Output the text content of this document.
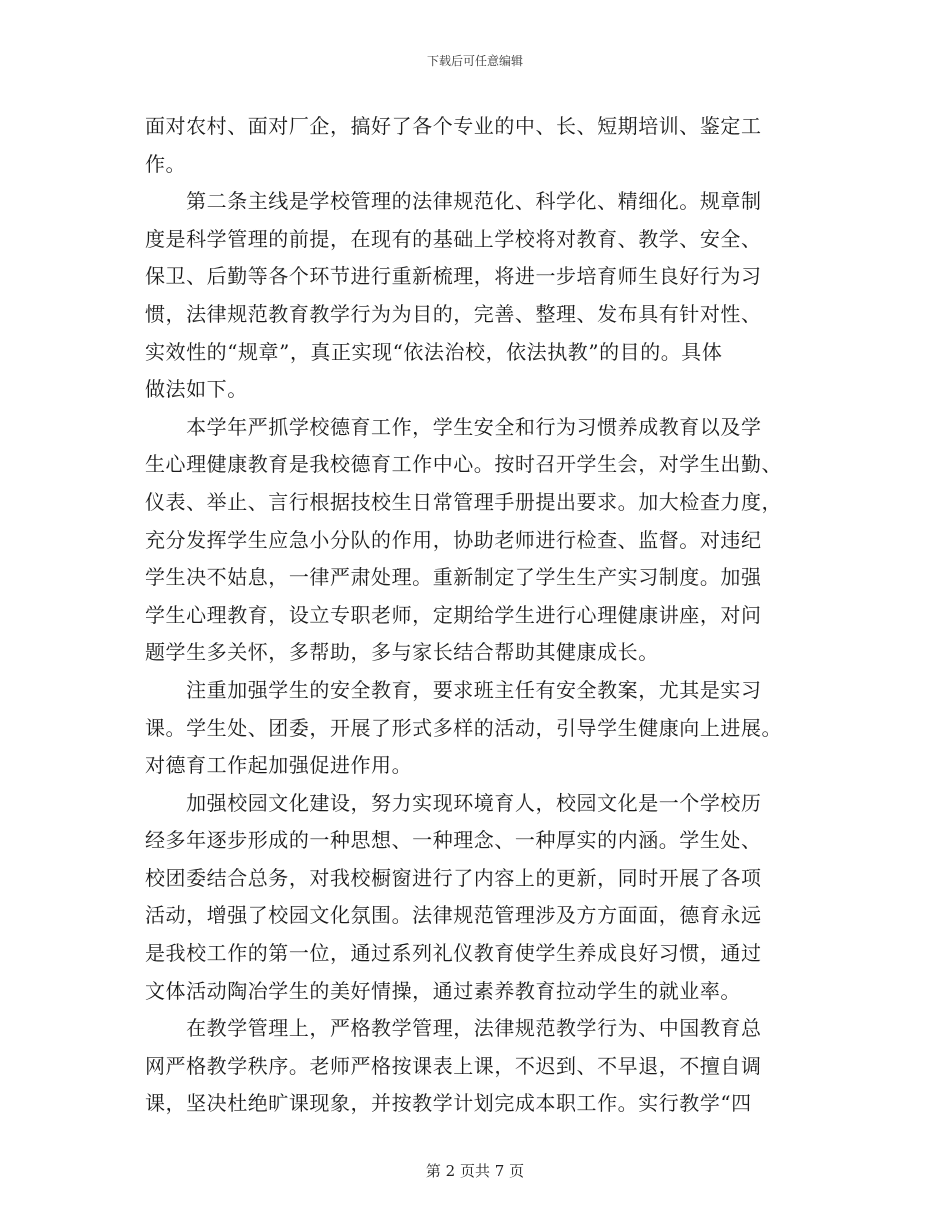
下载后可任意编辑
面对农村、面对厂企，搞好了各个专业的中、长、短期培训、鉴定工
作。
　　第二条主线是学校管理的法律规范化、科学化、精细化。规章制
度是科学管理的前提，在现有的基础上学校将对教育、教学、安全、
保卫、后勤等各个环节进行重新梳理，将进一步培育师生良好行为习
惯，法律规范教育教学行为为目的，完善、整理、发布具有针对性、
实效性的“规章”，真正实现“依法治校，依法执教”的目的。具体
做法如下。
　　本学年严抓学校德育工作，学生安全和行为习惯养成教育以及学
生心理健康教育是我校德育工作中心。按时召开学生会，对学生出勤、
仪表、举止、言行根据技校生日常管理手册提出要求。加大检查力度，
充分发挥学生应急小分队的作用，协助老师进行检查、监督。对违纪
学生决不姑息，一律严肃处理。重新制定了学生生产实习制度。加强
学生心理教育，设立专职老师，定期给学生进行心理健康讲座，对问
题学生多关怀，多帮助，多与家长结合帮助其健康成长。
　　注重加强学生的安全教育，要求班主任有安全教案，尤其是实习
课。学生处、团委，开展了形式多样的活动，引导学生健康向上进展。
对德育工作起加强促进作用。
　　加强校园文化建设，努力实现环境育人，校园文化是一个学校历
经多年逐步形成的一种思想、一种理念、一种厚实的内涵。学生处、
校团委结合总务，对我校橱窗进行了内容上的更新，同时开展了各项
活动，增强了校园文化氛围。法律规范管理涉及方方面面，德育永远
是我校工作的第一位，通过系列礼仪教育使学生养成良好习惯，通过
文体活动陶冶学生的美好情操，通过素养教育拉动学生的就业率。
　　在教学管理上，严格教学管理，法律规范教学行为、中国教育总
网严格教学秩序。老师严格按课表上课，不迟到、不早退，不擅自调
课，坚决杜绝旷课现象，并按教学计划完成本职工作。实行教学“四
第 2 页共 7 页
